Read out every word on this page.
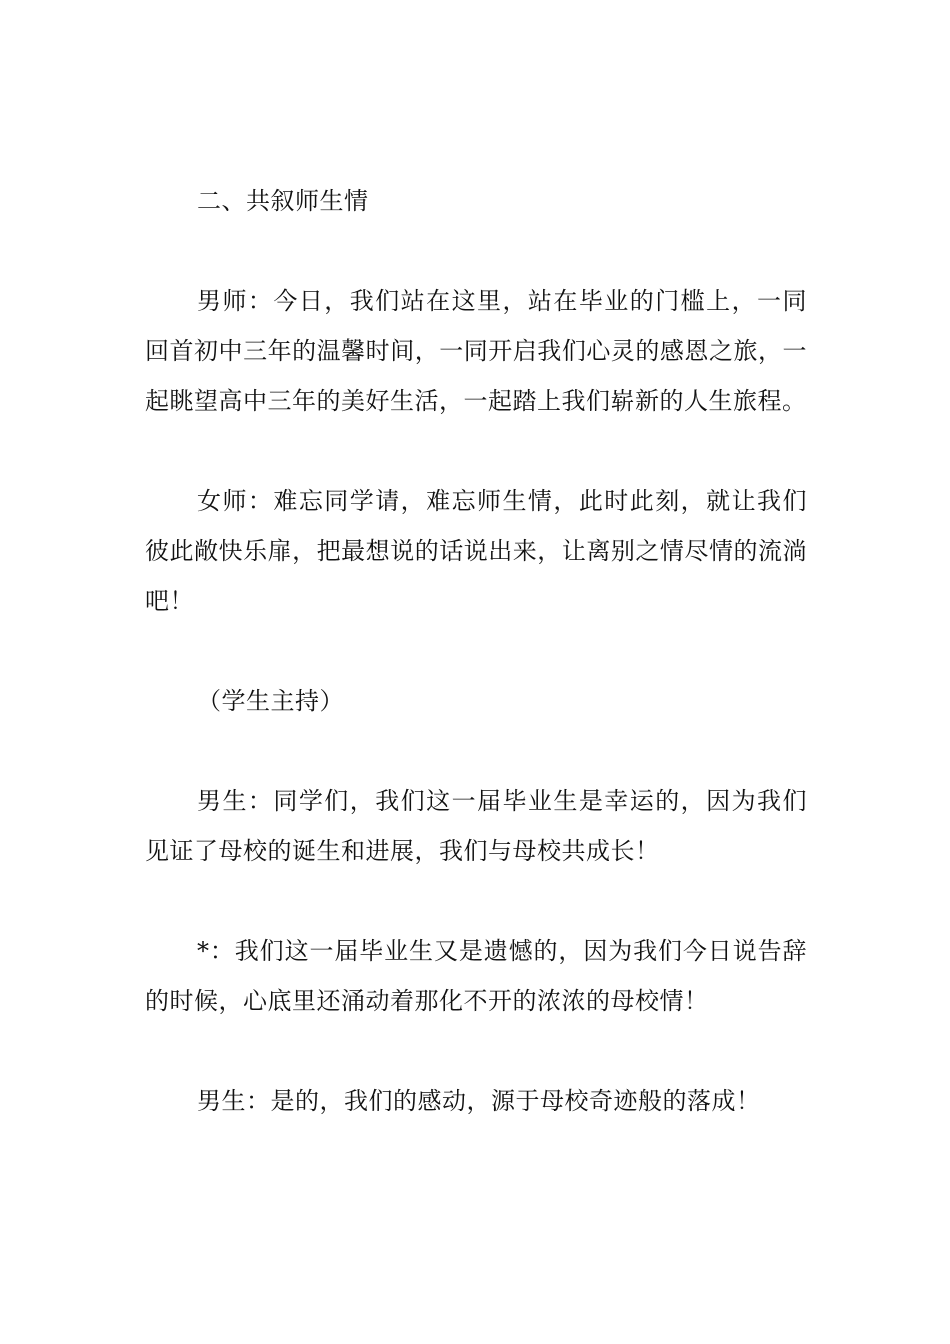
二、共叙师生情

男师：今日，我们站在这里，站在毕业的门槛上，一同回首初中三年的温馨时间，一同开启我们心灵的感恩之旅，一起眺望高中三年的美好生活，一起踏上我们崭新的人生旅程。

女师：难忘同学请，难忘师生情，此时此刻，就让我们彼此敞快乐扉，把最想说的话说出来，让离别之情尽情的流淌吧！

（学生主持）

男生：同学们，我们这一届毕业生是幸运的，因为我们见证了母校的诞生和进展，我们与母校共成长！

*：我们这一届毕业生又是遗憾的，因为我们今日说告辞的时候，心底里还涌动着那化不开的浓浓的母校情！

男生：是的，我们的感动，源于母校奇迹般的落成！
